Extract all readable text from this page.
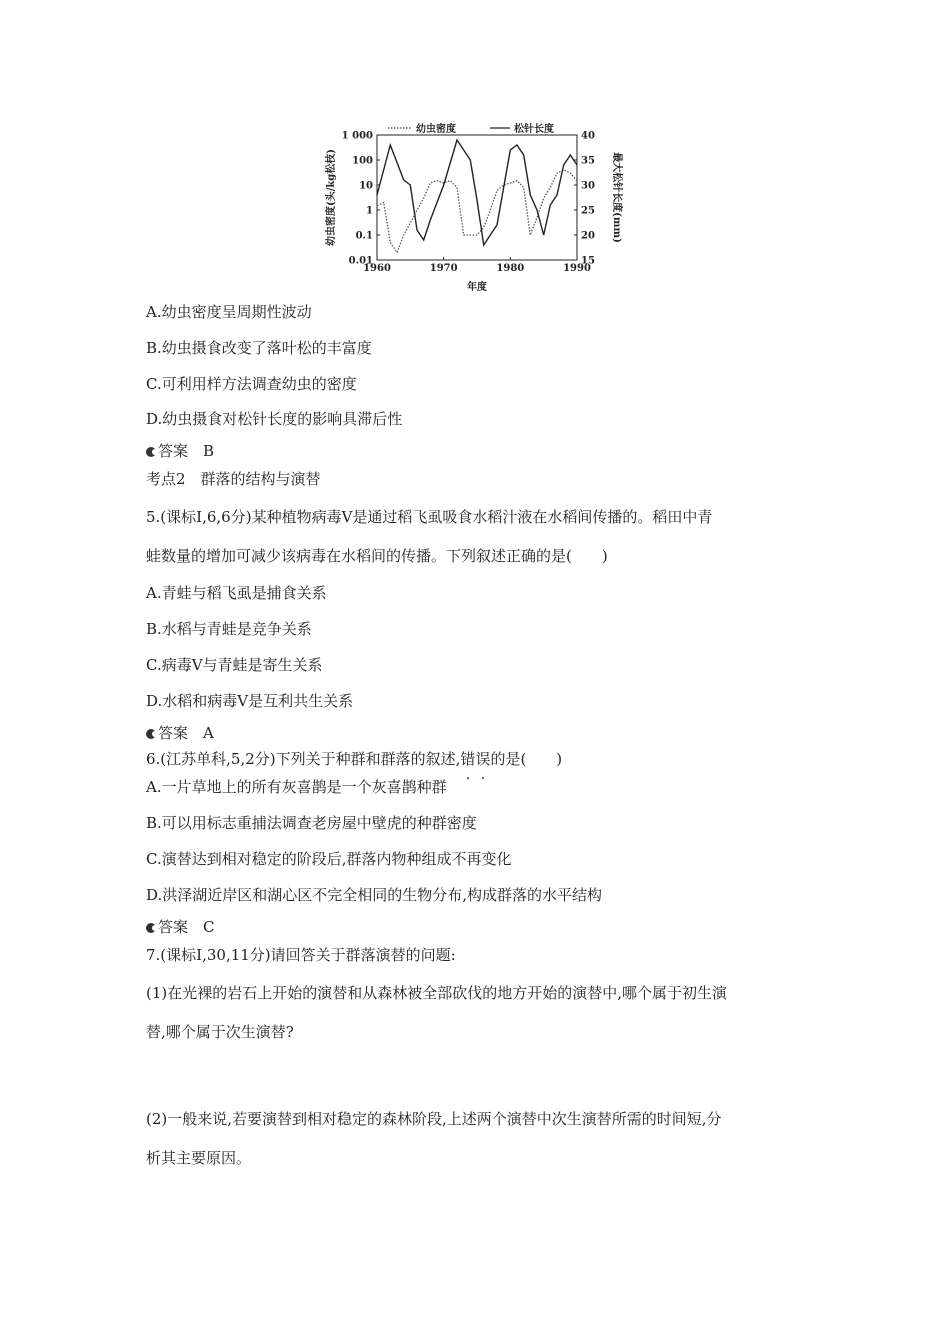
幼虫密度	松针长度
1960	1970	1980	1990
1 000
100
10
1
0.1
0.01
40
35
30
25
20
15
年度
幼虫密度(头/kg松枝)	最大松针长度(mm)
A.幼虫密度呈周期性波动
B.幼虫摄食改变了落叶松的丰富度
C.可利用样方法调查幼虫的密度
D.幼虫摄食对松针长度的影响具滞后性
答案　B
考点2　群落的结构与演替
5.(课标Ⅰ,6,6分)某种植物病毒V是通过稻飞虱吸食水稻汁液在水稻间传播的。稻田中青
蛙数量的增加可减少该病毒在水稻间的传播。下列叙述正确的是(　　)
A.青蛙与稻飞虱是捕食关系
B.水稻与青蛙是竞争关系
C.病毒V与青蛙是寄生关系
D.水稻和病毒V是互利共生关系
答案　A
6.(江苏单科,5,2分)下列关于种群和群落的叙述,错误的是(　　)
A.一片草地上的所有灰喜鹊是一个灰喜鹊种群
B.可以用标志重捕法调查老房屋中壁虎的种群密度
C.演替达到相对稳定的阶段后,群落内物种组成不再变化
D.洪泽湖近岸区和湖心区不完全相同的生物分布,构成群落的水平结构
答案　C
7.(课标Ⅰ,30,11分)请回答关于群落演替的问题:
(1)在光裸的岩石上开始的演替和从森林被全部砍伐的地方开始的演替中,哪个属于初生演
替,哪个属于次生演替?
(2)一般来说,若要演替到相对稳定的森林阶段,上述两个演替中次生演替所需的时间短,分
析其主要原因。
